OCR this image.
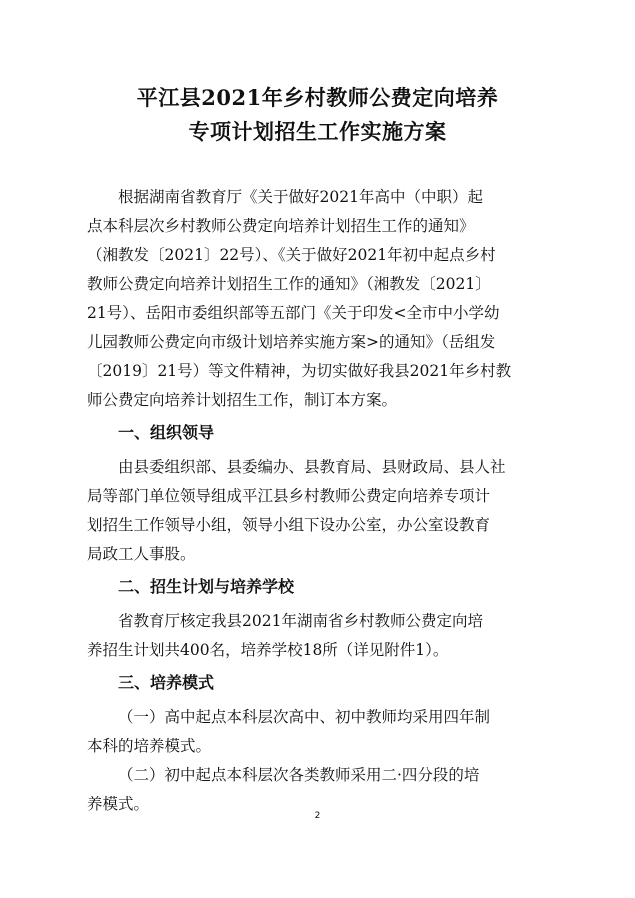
平江县2021年乡村教师公费定向培养
专项计划招生工作实施方案
根据湖南省教育厅《关于做好2021年高中（中职）起
点本科层次乡村教师公费定向培养计划招生工作的通知》
（湘教发〔2021〕22号）、《关于做好2021年初中起点乡村
教师公费定向培养计划招生工作的通知》（湘教发〔2021〕
21号）、岳阳市委组织部等五部门《关于印发<全市中小学幼
儿园教师公费定向市级计划培养实施方案>的通知》（岳组发
〔2019〕21号）等文件精神，为切实做好我县2021年乡村教
师公费定向培养计划招生工作，制订本方案。
一、组织领导
由县委组织部、县委编办、县教育局、县财政局、县人社
局等部门单位领导组成平江县乡村教师公费定向培养专项计
划招生工作领导小组，领导小组下设办公室，办公室设教育
局政工人事股。
二、招生计划与培养学校
省教育厅核定我县2021年湖南省乡村教师公费定向培
养招生计划共400名，培养学校18所（详见附件1）。
三、培养模式
（一）高中起点本科层次高中、初中教师均采用四年制
本科的培养模式。
（二）初中起点本科层次各类教师采用二·四分段的培
养模式。
2
